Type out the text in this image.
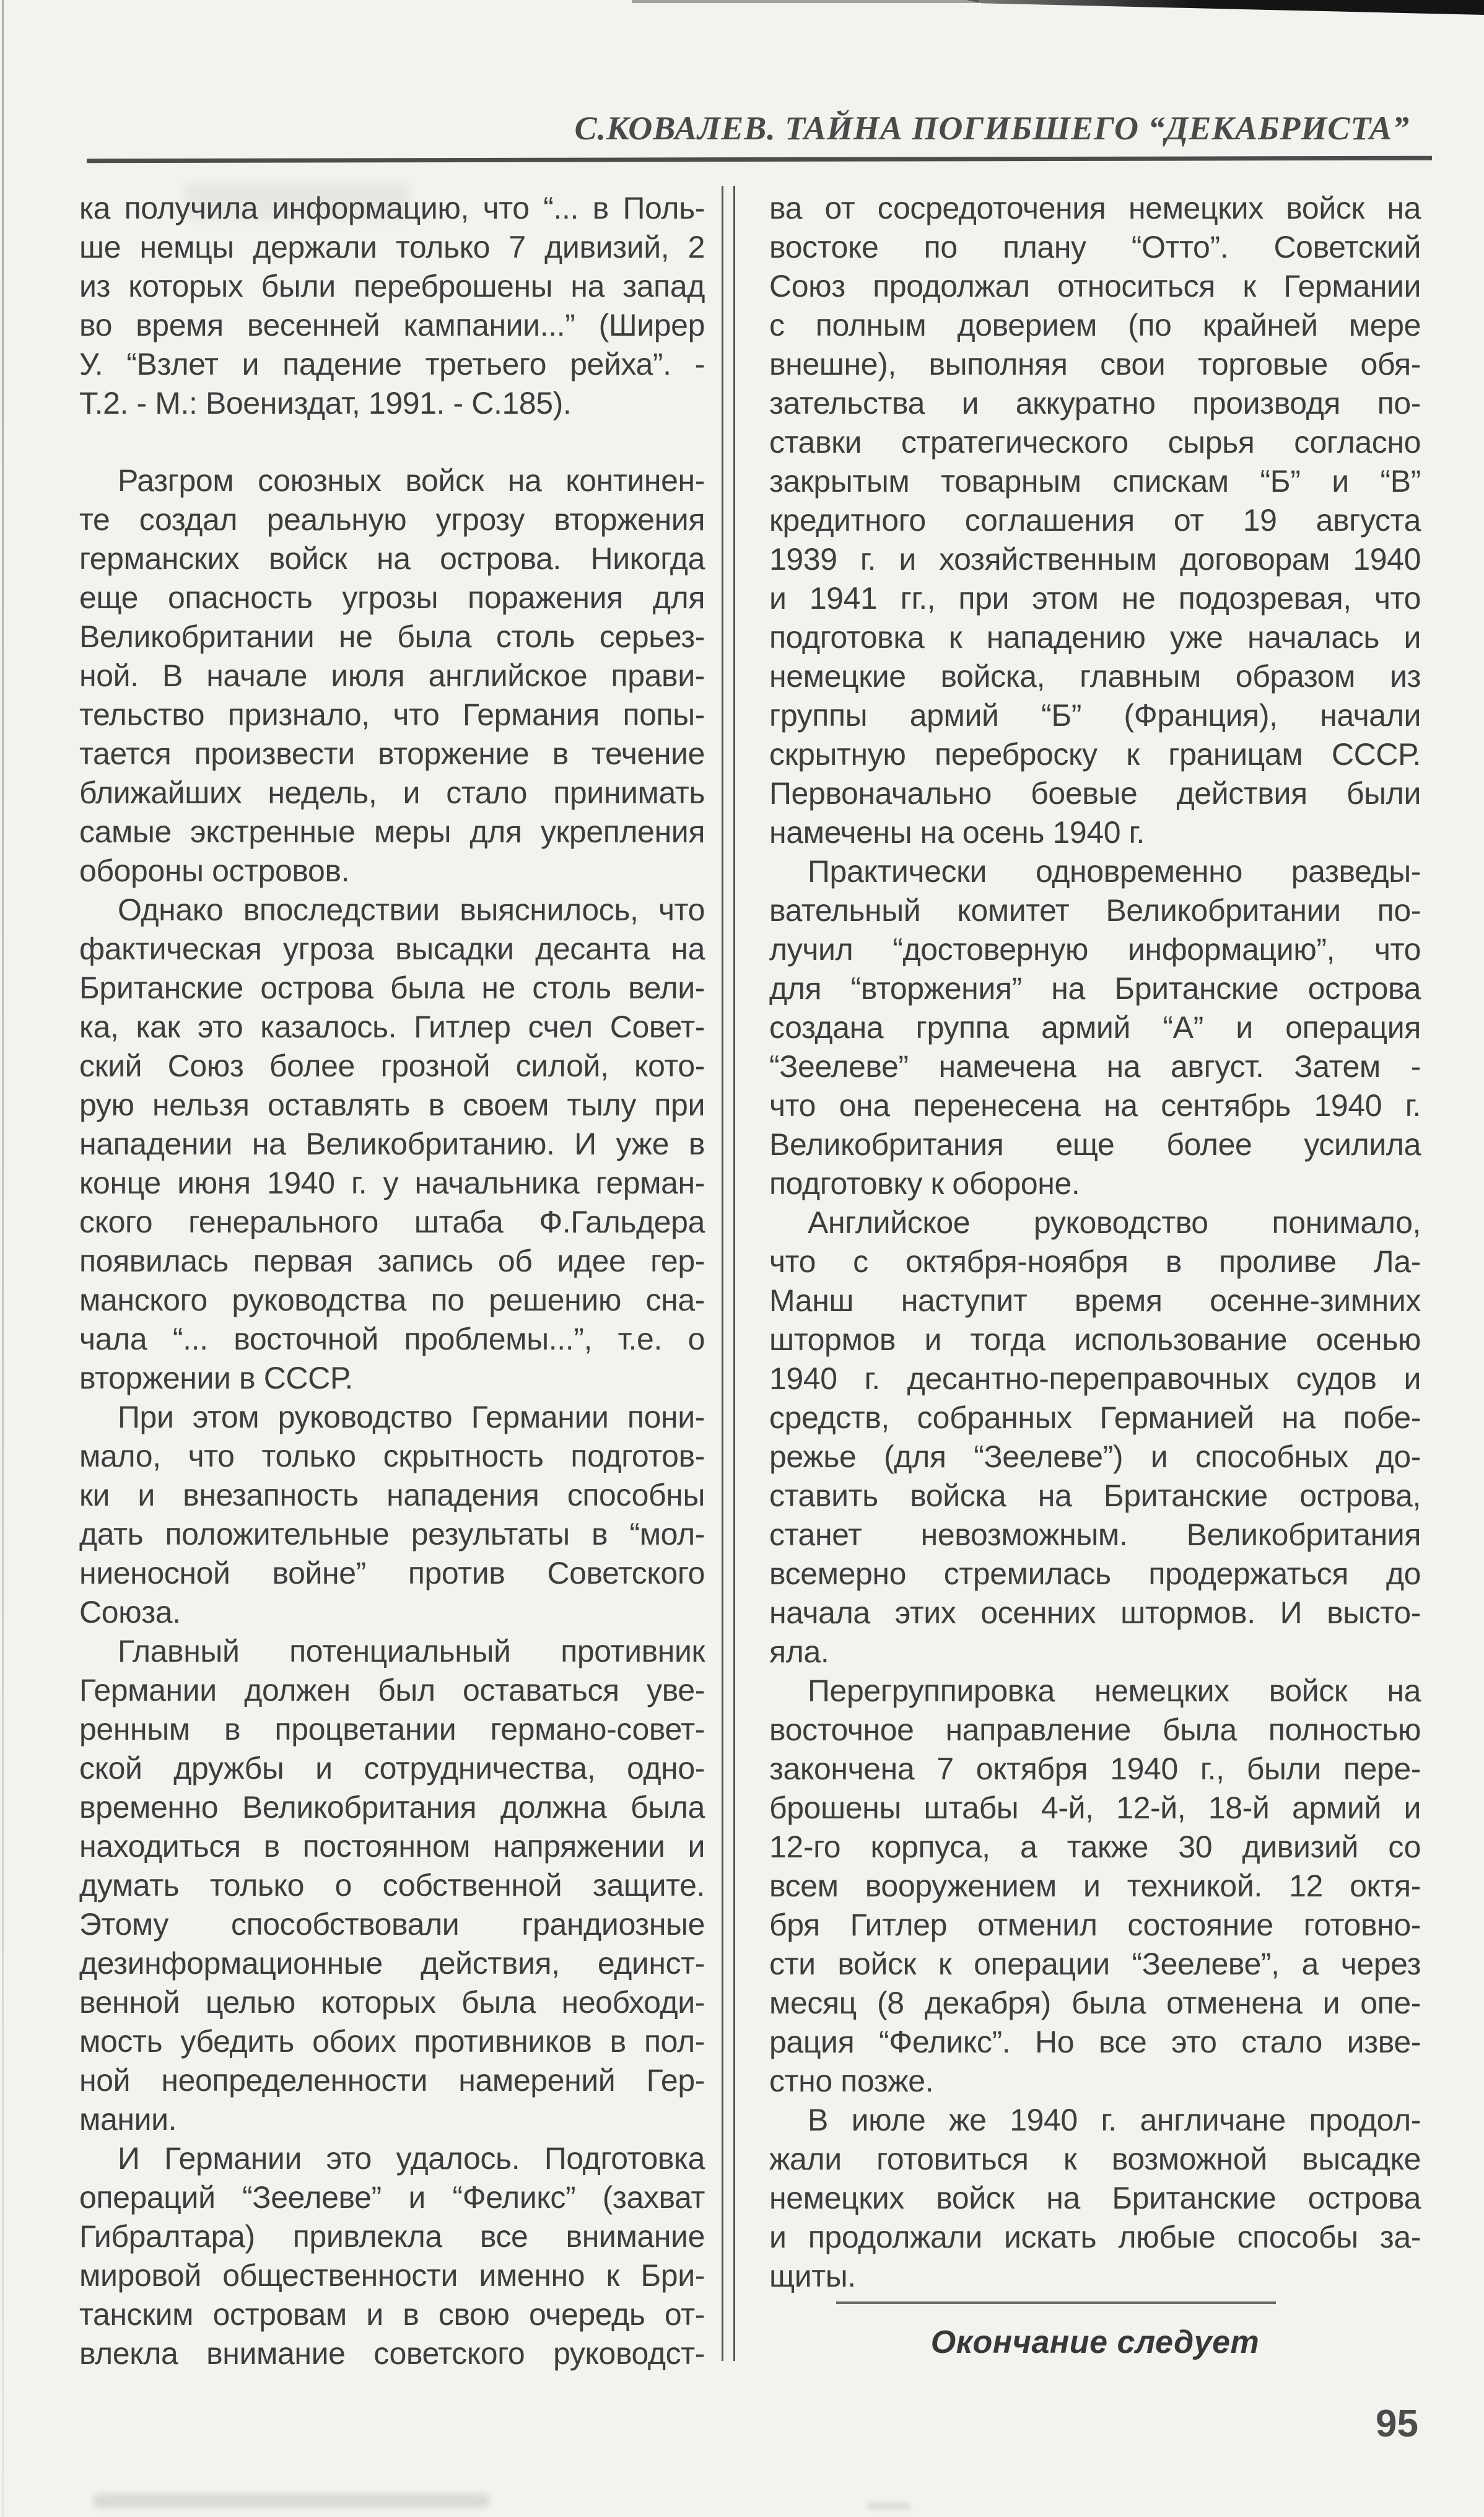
С.КОВАЛЕВ. ТАЙНА ПОГИБШЕГО “ДЕКАБРИСТА”
ка получила информацию, что “... в Поль-
ше немцы держали только 7 дивизий, 2
из которых были переброшены на запад
во время весенней кампании...” (Ширер
У. “Взлет и падение третьего рейха”. -
Т.2. - М.: Воениздат, 1991. - С.185).
Разгром союзных войск на континен-
те создал реальную угрозу вторжения
германских войск на острова. Никогда
еще опасность угрозы поражения для
Великобритании не была столь серьез-
ной. В начале июля английское прави-
тельство признало, что Германия попы-
тается произвести вторжение в течение
ближайших недель, и стало принимать
самые экстренные меры для укрепления
обороны островов.
Однако впоследствии выяснилось, что
фактическая угроза высадки десанта на
Британские острова была не столь вели-
ка, как это казалось. Гитлер счел Совет-
ский Союз более грозной силой, кото-
рую нельзя оставлять в своем тылу при
нападении на Великобританию. И уже в
конце июня 1940 г. у начальника герман-
ского генерального штаба Ф.Гальдера
появилась первая запись об идее гер-
манского руководства по решению сна-
чала “... восточной проблемы...”, т.е. о
вторжении в СССР.
При этом руководство Германии пони-
мало, что только скрытность подготов-
ки и внезапность нападения способны
дать положительные результаты в “мол-
ниеносной войне” против Советского
Союза.
Главный потенциальный противник
Германии должен был оставаться уве-
ренным в процветании германо-совет-
ской дружбы и сотрудничества, одно-
временно Великобритания должна была
находиться в постоянном напряжении и
думать только о собственной защите.
Этому способствовали грандиозные
дезинформационные действия, единст-
венной целью которых была необходи-
мость убедить обоих противников в пол-
ной неопределенности намерений Гер-
мании.
И Германии это удалось. Подготовка
операций “Зеелеве” и “Феликс” (захват
Гибралтара) привлекла все внимание
мировой общественности именно к Бри-
танским островам и в свою очередь от-
влекла внимание советского руководст-
ва от сосредоточения немецких войск на
востоке по плану “Отто”. Советский
Союз продолжал относиться к Германии
с полным доверием (по крайней мере
внешне), выполняя свои торговые обя-
зательства и аккуратно производя по-
ставки стратегического сырья согласно
закрытым товарным спискам “Б” и “В”
кредитного соглашения от 19 августа
1939 г. и хозяйственным договорам 1940
и 1941 гг., при этом не подозревая, что
подготовка к нападению уже началась и
немецкие войска, главным образом из
группы армий “Б” (Франция), начали
скрытную переброску к границам СССР.
Первоначально боевые действия были
намечены на осень 1940 г.
Практически одновременно разведы-
вательный комитет Великобритании по-
лучил “достоверную информацию”, что
для “вторжения” на Британские острова
создана группа армий “А” и операция
“Зеелеве” намечена на август. Затем -
что она перенесена на сентябрь 1940 г.
Великобритания еще более усилила
подготовку к обороне.
Английское руководство понимало,
что с октября-ноября в проливе Ла-
Манш наступит время осенне-зимних
штормов и тогда использование осенью
1940 г. десантно-переправочных судов и
средств, собранных Германией на побе-
режье (для “Зеелеве”) и способных до-
ставить войска на Британские острова,
станет невозможным. Великобритания
всемерно стремилась продержаться до
начала этих осенних штормов. И высто-
яла.
Перегруппировка немецких войск на
восточное направление была полностью
закончена 7 октября 1940 г., были пере-
брошены штабы 4-й, 12-й, 18-й армий и
12-го корпуса, а также 30 дивизий со
всем вооружением и техникой. 12 октя-
бря Гитлер отменил состояние готовно-
сти войск к операции “Зеелеве”, а через
месяц (8 декабря) была отменена и опе-
рация “Феликс”. Но все это стало изве-
стно позже.
В июле же 1940 г. англичане продол-
жали готовиться к возможной высадке
немецких войск на Британские острова
и продолжали искать любые способы за-
щиты.
Окончание следует
95
